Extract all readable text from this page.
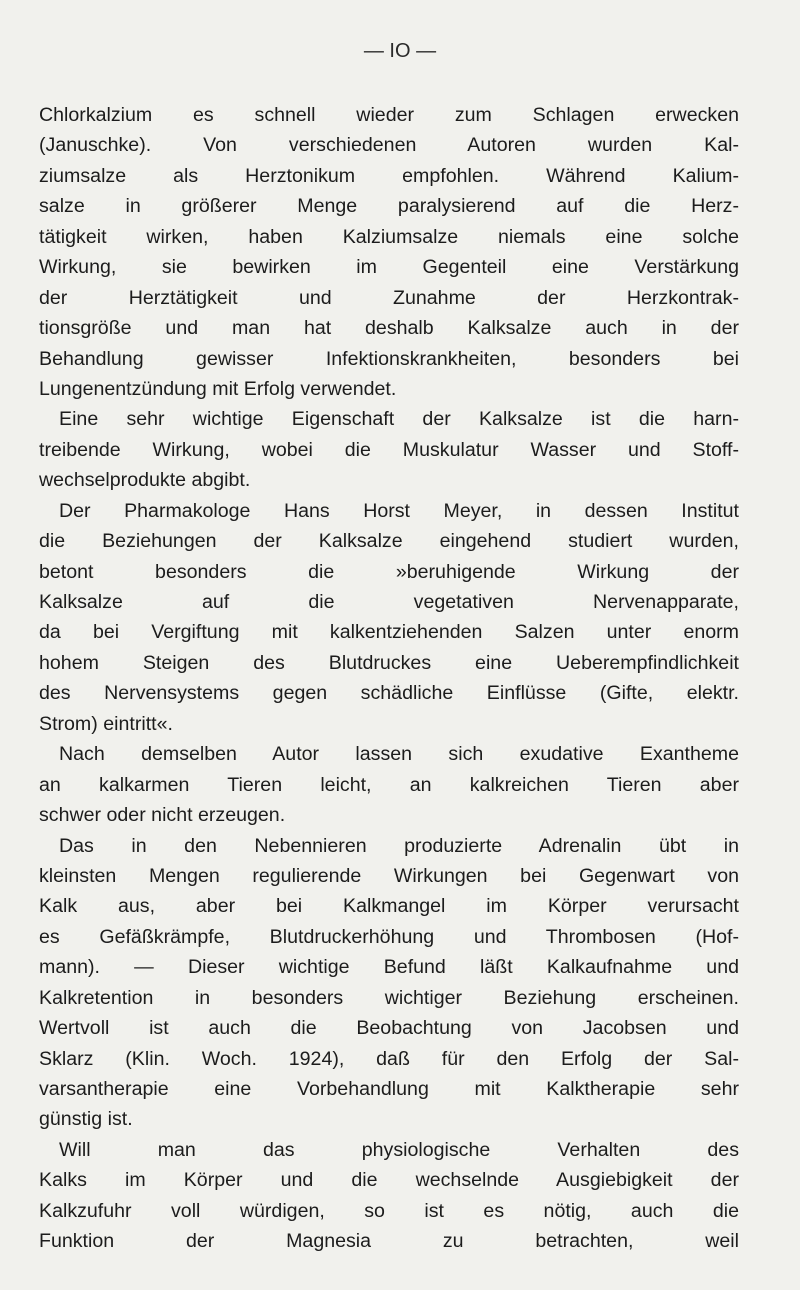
— IO —
Chlorkalzium es schnell wieder zum Schlagen erwecken
(Januschke). Von verschiedenen Autoren wurden Kal-
ziumsalze als Herztonikum empfohlen. Während Kalium-
salze in größerer Menge paralysierend auf die Herz-
tätigkeit wirken, haben Kalziumsalze niemals eine solche
Wirkung, sie bewirken im Gegenteil eine Verstärkung
der Herztätigkeit und Zunahme der Herzkontrak-
tionsgröße und man hat deshalb Kalksalze auch in der
Behandlung gewisser Infektionskrankheiten, besonders bei
Lungenentzündung mit Erfolg verwendet.
Eine sehr wichtige Eigenschaft der Kalksalze ist die harn-
treibende Wirkung, wobei die Muskulatur Wasser und Stoff-
wechselprodukte abgibt.
Der Pharmakologe Hans Horst Meyer, in dessen Institut
die Beziehungen der Kalksalze eingehend studiert wurden,
betont besonders die »beruhigende Wirkung der
Kalksalze auf die vegetativen Nervenapparate,
da bei Vergiftung mit kalkentziehenden Salzen unter enorm
hohem Steigen des Blutdruckes eine Ueberempfindlichkeit
des Nervensystems gegen schädliche Einflüsse (Gifte, elektr.
Strom) eintritt«.
Nach demselben Autor lassen sich exudative Exantheme
an kalkarmen Tieren leicht, an kalkreichen Tieren aber
schwer oder nicht erzeugen.
Das in den Nebennieren produzierte Adrenalin übt in
kleinsten Mengen regulierende Wirkungen bei Gegenwart von
Kalk aus, aber bei Kalkmangel im Körper verursacht
es Gefäßkrämpfe, Blutdruckerhöhung und Thrombosen (Hof-
mann). — Dieser wichtige Befund läßt Kalkaufnahme und
Kalkretention in besonders wichtiger Beziehung erscheinen.
Wertvoll ist auch die Beobachtung von Jacobsen und
Sklarz (Klin. Woch. 1924), daß für den Erfolg der Sal-
varsantherapie eine Vorbehandlung mit Kalktherapie sehr
günstig ist.
Will man das physiologische Verhalten des
Kalks im Körper und die wechselnde Ausgiebigkeit der
Kalkzufuhr voll würdigen, so ist es nötig, auch die
Funktion der Magnesia zu betrachten, weil
